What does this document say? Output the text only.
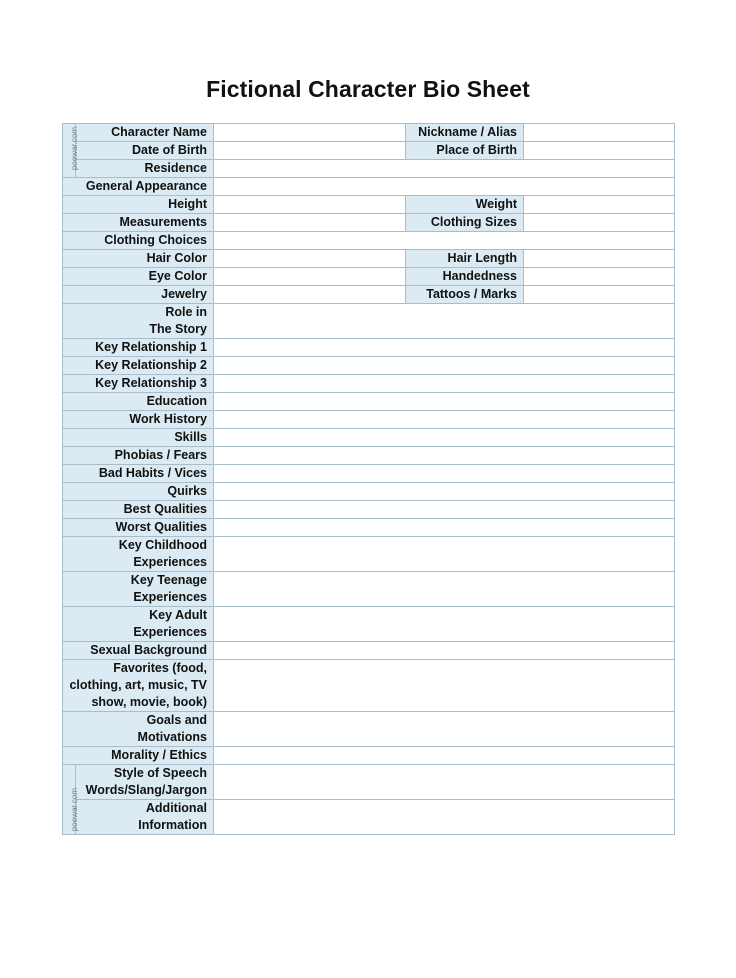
Fictional Character Bio Sheet
poewar.com	Character Name		Nickname / Alias	
	Date of Birth		Place of Birth	
	Residence			
General Appearance				
Height			Weight	
Measurements			Clothing Sizes	
Clothing Choices				
Hair Color			Hair Length	
Eye Color			Handedness	
Jewelry			Tattoos / Marks	

Role in
The Story				

Key Relationship 1				
Key Relationship 2				
Key Relationship 3				
Education				
Work History				
Skills				
Phobias / Fears				
Bad Habits / Vices				
Quirks				
Best Qualities				
Worst Qualities				

Key Childhood
Experiences				

Key Teenage
Experiences				

Key Adult
Experiences				

Sexual Background				

Favorites (food,
clothing, art, music, TV
show, movie, book)				

Goals and
Motivations				

Morality / Ethics				

poewar.com	Style of Speech
Words/Slang/Jargon			

	Additional
Information			
